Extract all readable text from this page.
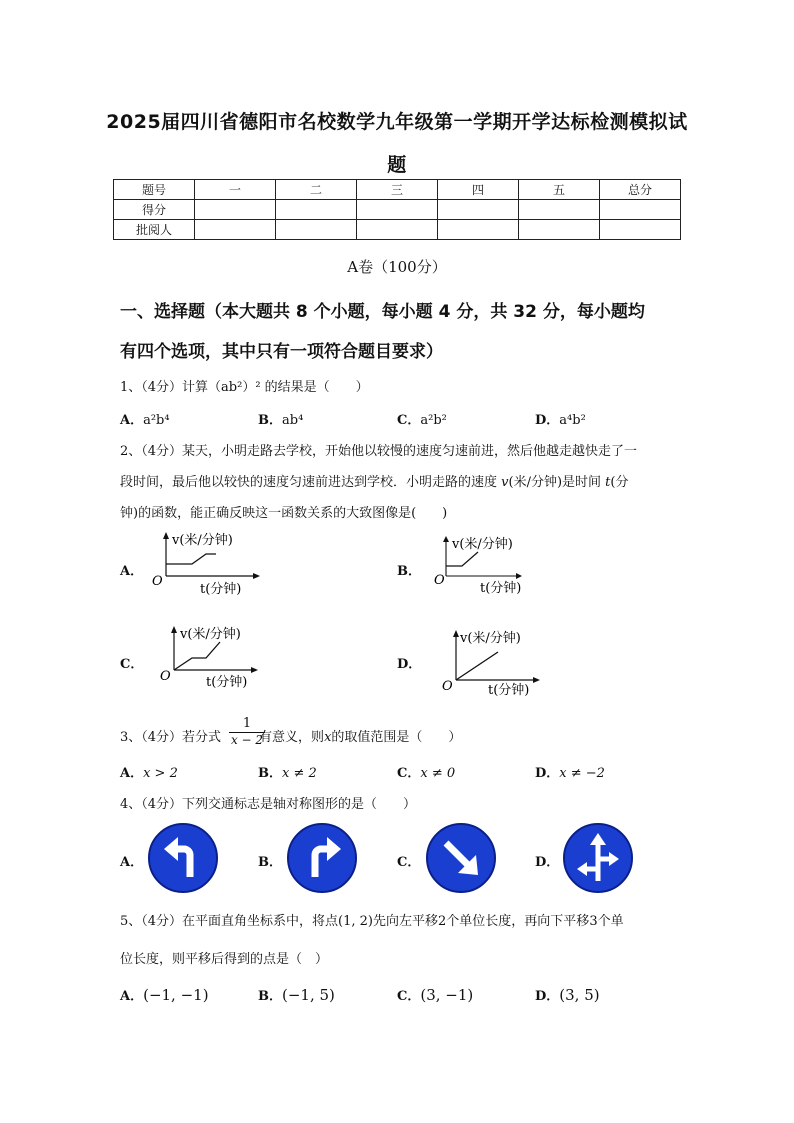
2025届四川省德阳市名校数学九年级第一学期开学达标检测模拟试
题
题号	一	二	三	四	五	总分
得分						
批阅人						
A卷（100分）
一、选择题（本大题共 8 个小题，每小题 4 分，共 32 分，每小题均
有四个选项，其中只有一项符合题目要求）
1、（4分）计算（ab²）² 的结果是（　　）
A．a²b⁴	B．ab⁴	C．a²b²	D．a⁴b²
2、（4分）某天，小明走路去学校，开始他以较慢的速度匀速前进，然后他越走越快走了一
段时间，最后他以较快的速度匀速前进达到学校．小明走路的速度 v(米/分钟)是时间 t(分
钟)的函数，能正确反映这一函数关系的大致图像是(　　)
A．
v(米/分钟)
O
t(分钟)
B．
v(米/分钟)
O
t(分钟)
C．
v(米/分钟)
O	t(分钟)
D．
v(米/分钟)
O	t(分钟)
3、（4分）若分式	有意义，则x的取值范围是（　　）
1
x − 2
A．x > 2	B．x ≠ 2	C．x ≠ 0	D．x ≠ −2
4、（4分）下列交通标志是轴对称图形的是（　　）
A．	B．	C．	D．
5、（4分）在平面直角坐标系中，将点(1, 2)先向左平移2个单位长度，再向下平移3个单
位长度，则平移后得到的点是（　）
A．(−1, −1)	B．(−1, 5)	C．(3, −1)	D．(3, 5)
